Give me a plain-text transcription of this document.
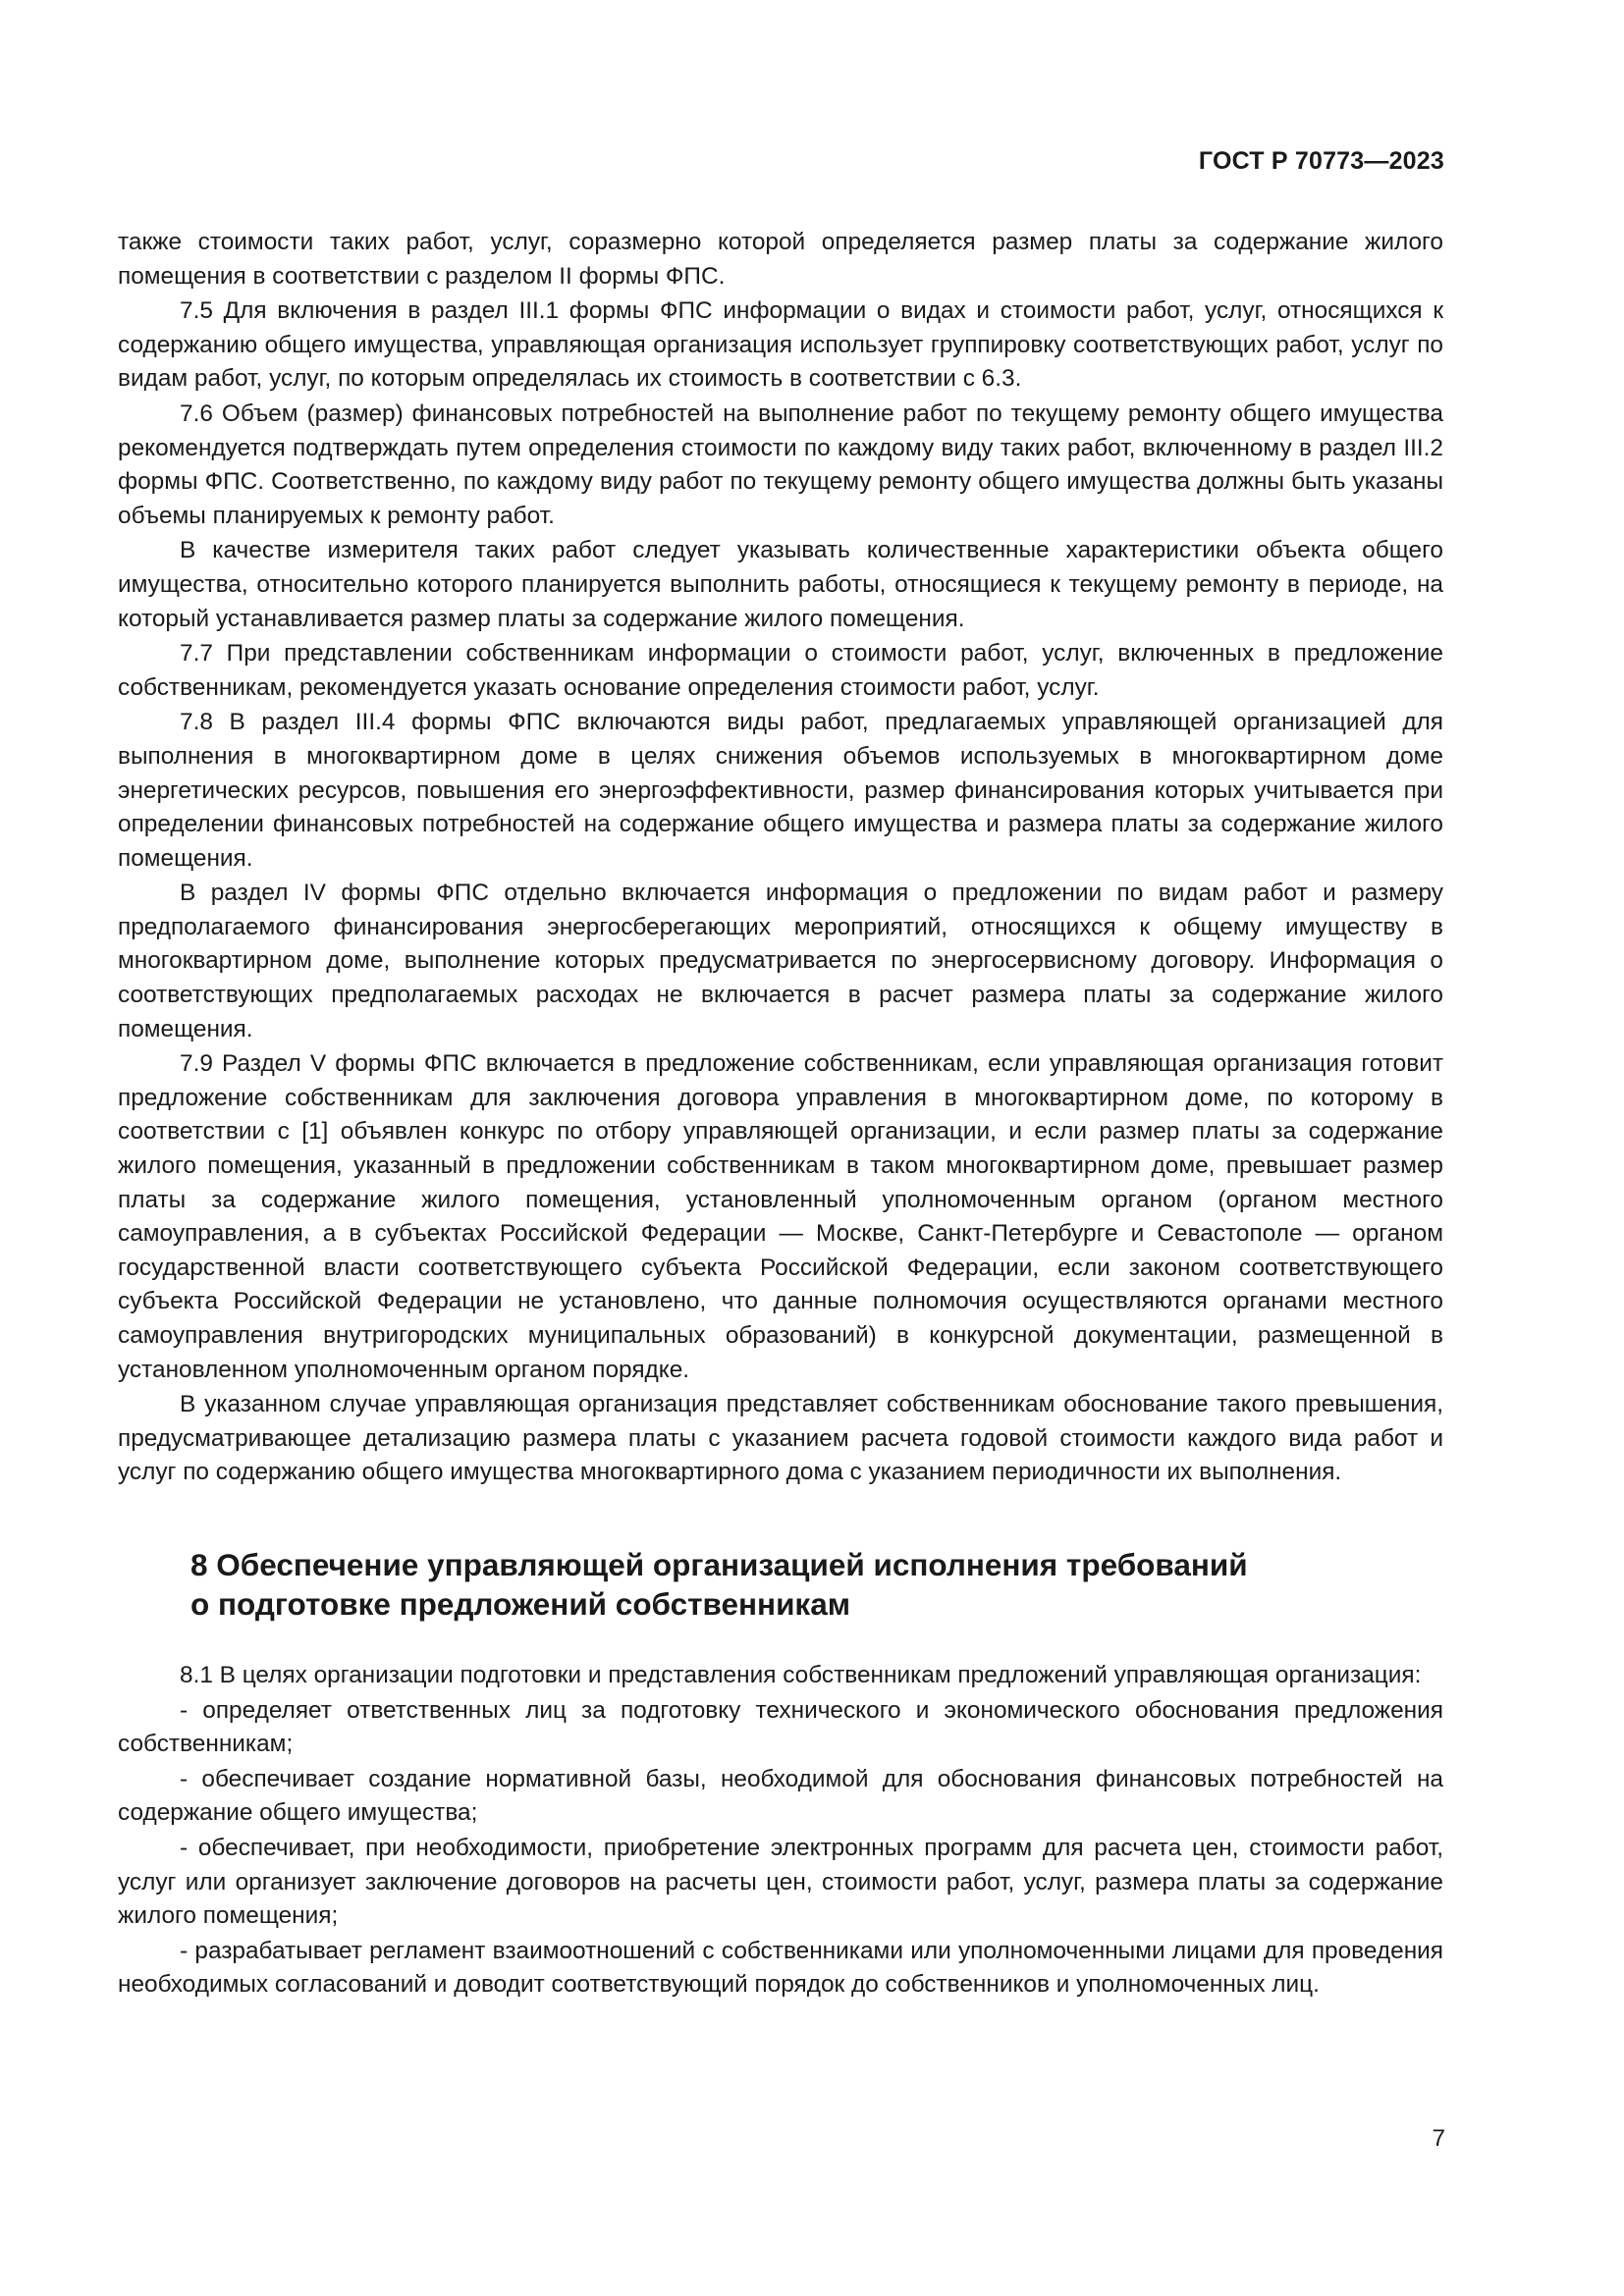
ГОСТ Р 70773—2023

также стоимости таких работ, услуг, соразмерно которой определяется размер платы за содержание жилого помещения в соответствии с разделом II формы ФПС.

7.5 Для включения в раздел III.1 формы ФПС информации о видах и стоимости работ, услуг, относящихся к содержанию общего имущества, управляющая организация использует группировку соответствующих работ, услуг по видам работ, услуг, по которым определялась их стоимость в соответствии с 6.3.

7.6 Объем (размер) финансовых потребностей на выполнение работ по текущему ремонту общего имущества рекомендуется подтверждать путем определения стоимости по каждому виду таких работ, включенному в раздел III.2 формы ФПС. Соответственно, по каждому виду работ по текущему ремонту общего имущества должны быть указаны объемы планируемых к ремонту работ.

В качестве измерителя таких работ следует указывать количественные характеристики объекта общего имущества, относительно которого планируется выполнить работы, относящиеся к текущему ремонту в периоде, на который устанавливается размер платы за содержание жилого помещения.

7.7 При представлении собственникам информации о стоимости работ, услуг, включенных в предложение собственникам, рекомендуется указать основание определения стоимости работ, услуг.

7.8 В раздел III.4 формы ФПС включаются виды работ, предлагаемых управляющей организацией для выполнения в многоквартирном доме в целях снижения объемов используемых в многоквартирном доме энергетических ресурсов, повышения его энергоэффективности, размер финансирования которых учитывается при определении финансовых потребностей на содержание общего имущества и размера платы за содержание жилого помещения.

В раздел IV формы ФПС отдельно включается информация о предложении по видам работ и размеру предполагаемого финансирования энергосберегающих мероприятий, относящихся к общему имуществу в многоквартирном доме, выполнение которых предусматривается по энергосервисному договору. Информация о соответствующих предполагаемых расходах не включается в расчет размера платы за содержание жилого помещения.

7.9 Раздел V формы ФПС включается в предложение собственникам, если управляющая организация готовит предложение собственникам для заключения договора управления в многоквартирном доме, по которому в соответствии с [1] объявлен конкурс по отбору управляющей организации, и если размер платы за содержание жилого помещения, указанный в предложении собственникам в таком многоквартирном доме, превышает размер платы за содержание жилого помещения, установленный уполномоченным органом (органом местного самоуправления, а в субъектах Российской Федерации — Москве, Санкт-Петербурге и Севастополе — органом государственной власти соответствующего субъекта Российской Федерации, если законом соответствующего субъекта Российской Федерации не установлено, что данные полномочия осуществляются органами местного самоуправления внутригородских муниципальных образований) в конкурсной документации, размещенной в установленном уполномоченным органом порядке.

В указанном случае управляющая организация представляет собственникам обоснование такого превышения, предусматривающее детализацию размера платы с указанием расчета годовой стоимости каждого вида работ и услуг по содержанию общего имущества многоквартирного дома с указанием периодичности их выполнения.

8 Обеспечение управляющей организацией исполнения требований
о подготовке предложений собственникам

8.1 В целях организации подготовки и представления собственникам предложений управляющая организация:

- определяет ответственных лиц за подготовку технического и экономического обоснования предложения собственникам;

- обеспечивает создание нормативной базы, необходимой для обоснования финансовых потребностей на содержание общего имущества;

- обеспечивает, при необходимости, приобретение электронных программ для расчета цен, стоимости работ, услуг или организует заключение договоров на расчеты цен, стоимости работ, услуг, размера платы за содержание жилого помещения;

- разрабатывает регламент взаимоотношений с собственниками или уполномоченными лицами для проведения необходимых согласований и доводит соответствующий порядок до собственников и уполномоченных лиц.

7
